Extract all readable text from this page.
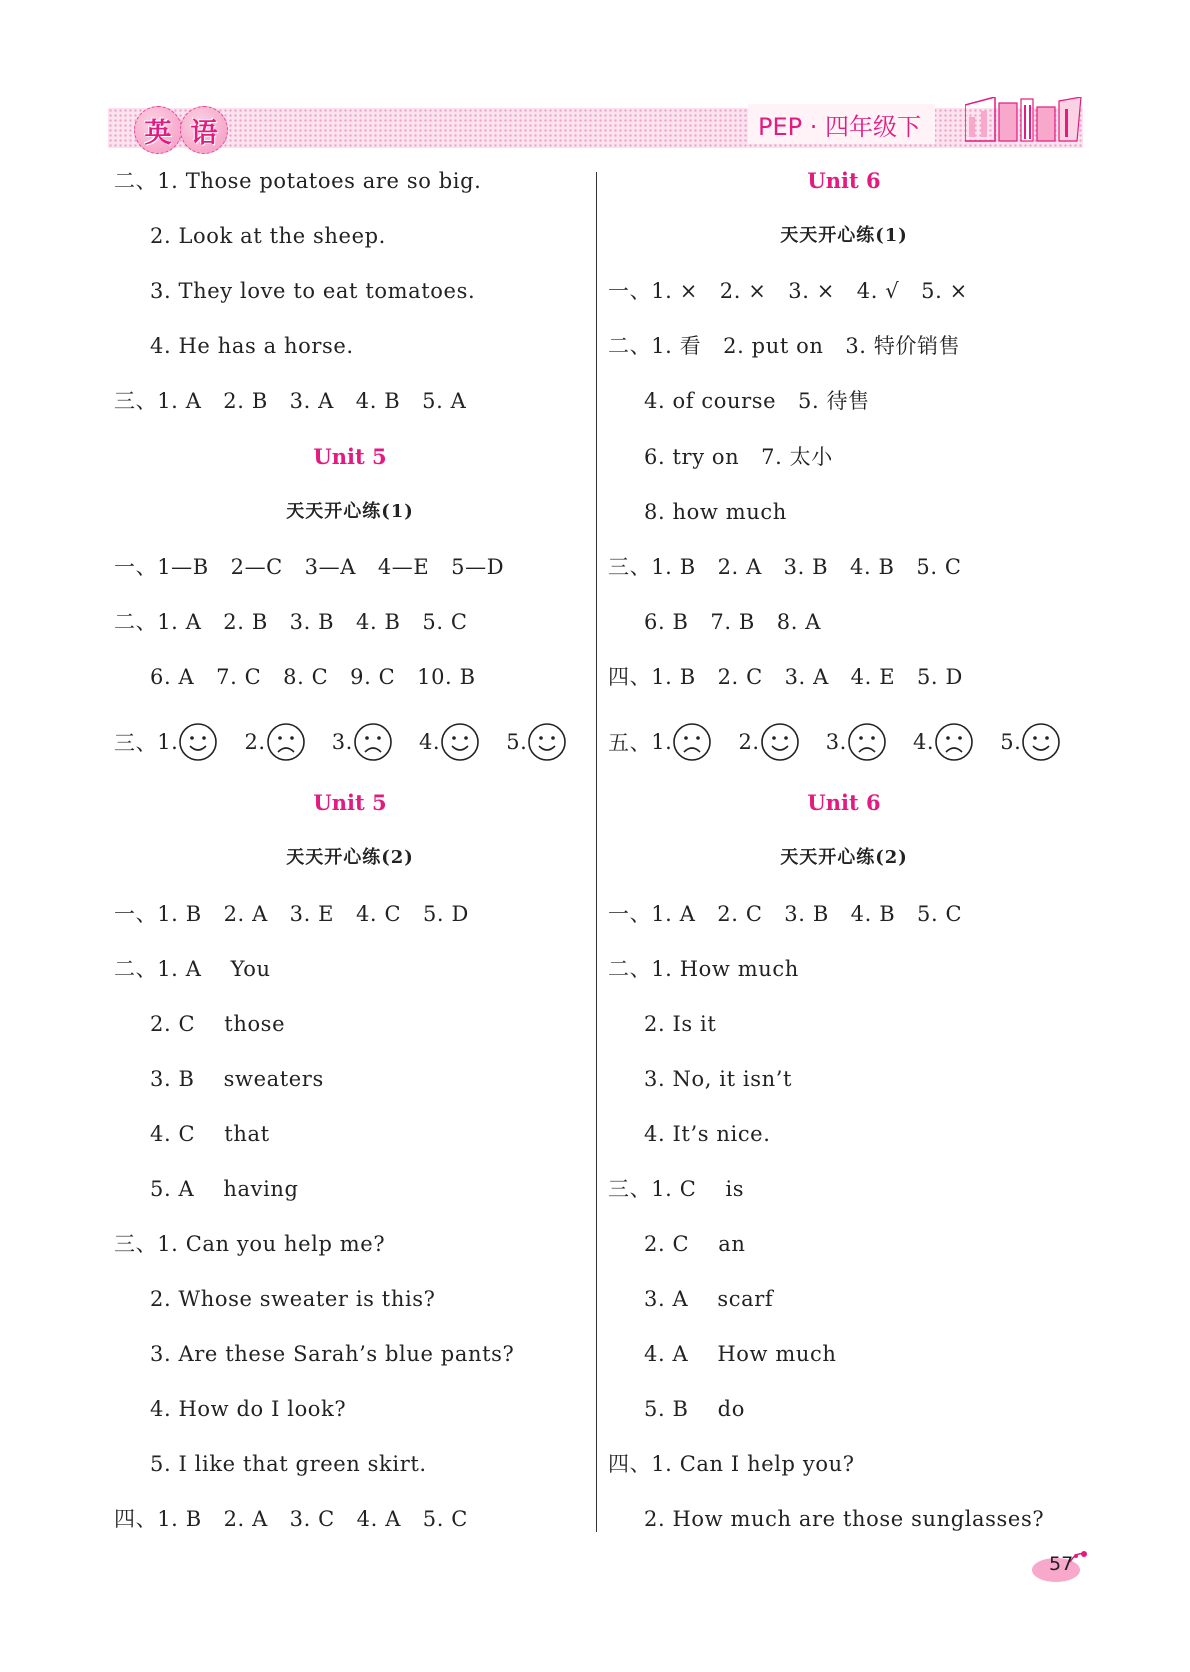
英 语	PEP · 四年级下
二、1. Those potatoes are so big.
2. Look at the sheep.
3. They love to eat tomatoes.
4. He has a horse.
三、1. A   2. B   3. A   4. B   5. A
Unit 5
天天开心练(1)
一、1—B   2—C   3—A   4—E   5—D
二、1. A   2. B   3. B   4. B   5. C
6. A   7. C   8. C   9. C   10. B
三、 1.	2.	3.	4.	5.
Unit 5
天天开心练(2)
一、1. B   2. A   3. E   4. C   5. D
二、1. A    You
2. C    those
3. B    sweaters
4. C    that
5. A    having
三、1. Can you help me?
2. Whose sweater is this?
3. Are these Sarah’s blue pants?
4. How do I look?
5. I like that green skirt.
四、1. B   2. A   3. C   4. A   5. C
Unit 6
天天开心练(1)
一、1. ×   2. ×   3. ×   4. √   5. ×
二、1. 看   2. put on   3. 特价销售
4. of course   5. 待售
6. try on   7. 太小
8. how much
三、1. B   2. A   3. B   4. B   5. C
6. B   7. B   8. A
四、1. B   2. C   3. A   4. E   5. D
五、 1.	2.	3.	4.	5.
Unit 6
天天开心练(2)
一、1. A   2. C   3. B   4. B   5. C
二、1. How much
2. Is it
3. No, it isn’t
4. It’s nice.
三、1. C    is
2. C    an
3. A    scarf
4. A    How much
5. B    do
四、1. Can I help you?
2. How much are those sunglasses?
57
